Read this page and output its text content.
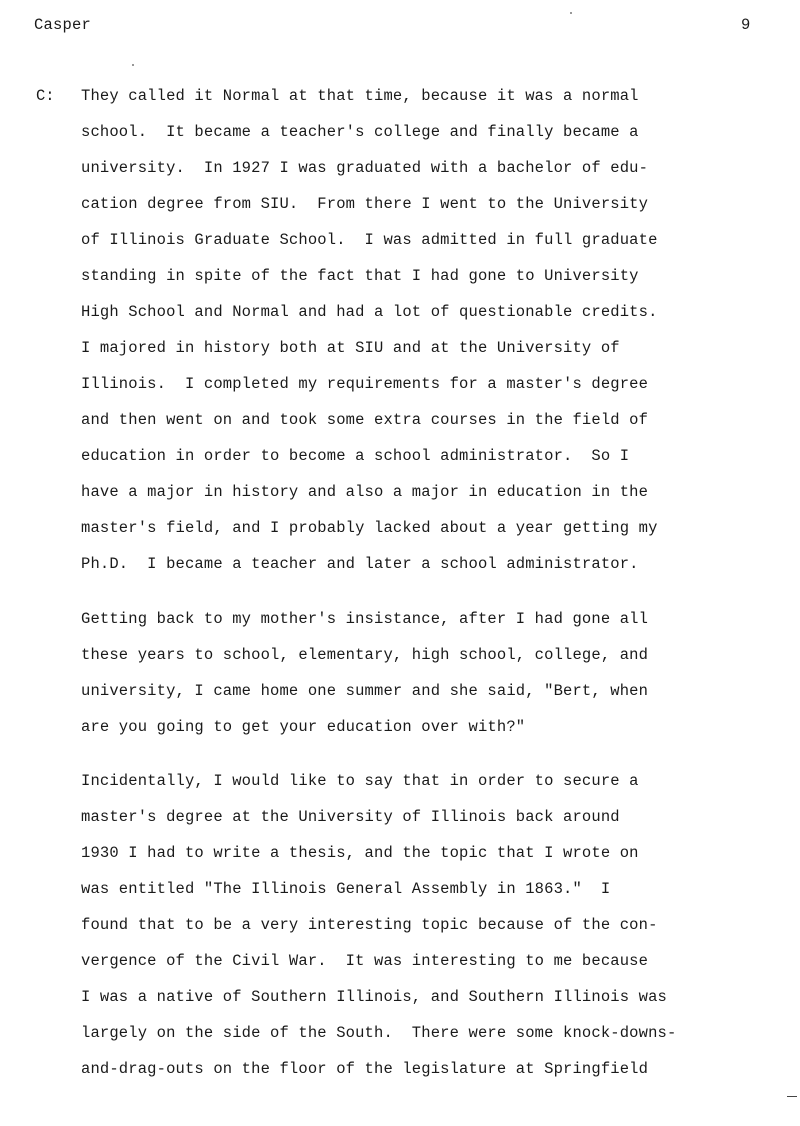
Casper	9
C: They called it Normal at that time, because it was a normal
school.  It became a teacher's college and finally became a
university.  In 1927 I was graduated with a bachelor of edu-
cation degree from SIU.  From there I went to the University
of Illinois Graduate School.  I was admitted in full graduate
standing in spite of the fact that I had gone to University
High School and Normal and had a lot of questionable credits.
I majored in history both at SIU and at the University of
Illinois.  I completed my requirements for a master's degree
and then went on and took some extra courses in the field of
education in order to become a school administrator.  So I
have a major in history and also a major in education in the
master's field, and I probably lacked about a year getting my
Ph.D.  I became a teacher and later a school administrator.
Getting back to my mother's insistance, after I had gone all
these years to school, elementary, high school, college, and
university, I came home one summer and she said, "Bert, when
are you going to get your education over with?"
Incidentally, I would like to say that in order to secure a
master's degree at the University of Illinois back around
1930 I had to write a thesis, and the topic that I wrote on
was entitled "The Illinois General Assembly in 1863."  I
found that to be a very interesting topic because of the con-
vergence of the Civil War.  It was interesting to me because
I was a native of Southern Illinois, and Southern Illinois was
largely on the side of the South.  There were some knock-downs-
and-drag-outs on the floor of the legislature at Springfield
